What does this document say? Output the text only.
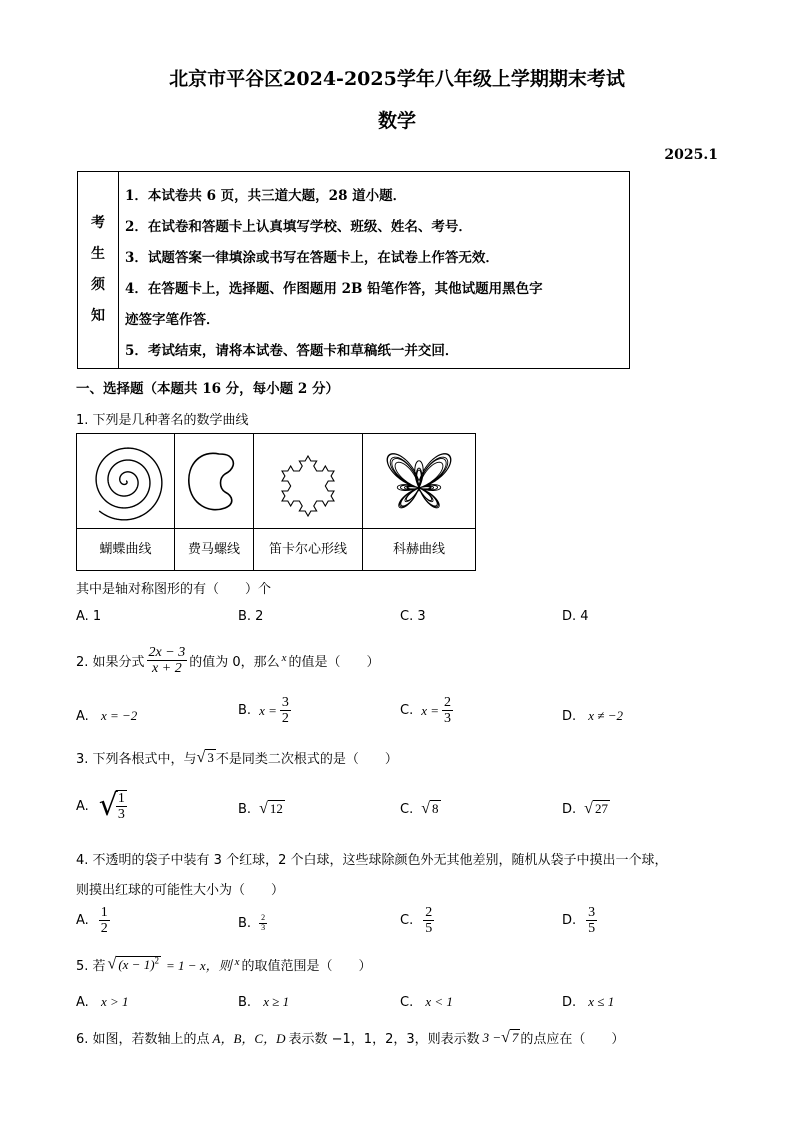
北京市平谷区2024-2025学年八年级上学期期末考试
数学
2025.1
考
生
须
知

1．本试卷共 6 页，共三道大题，28 道小题．
2．在试卷和答题卡上认真填写学校、班级、姓名、考号．
3．试题答案一律填涂或书写在答题卡上，在试卷上作答无效．
4．在答题卡上，选择题、作图题用 2B 铅笔作答，其他试题用黑色字
迹签字笔作答．
5．考试结束，请将本试卷、答题卡和草稿纸一并交回．
一、选择题（本题共 16 分，每小题 2 分）
1. 下列是几种著名的数学曲线
蝴蝶曲线	费马螺线	笛卡尔心形线	科赫曲线
其中是轴对称图形的有（　　）个
A. 1	B. 2	C. 3	D. 4
2. 如果分式 $\frac{2x - 3}{x + 2}$ 的值为 0，那么 x 的值是（　　）
A. x = −2	B. $x = \frac{3}{2}$	C. $x = \frac{2}{3}$	D. x ≠ −2
3. 下列各根式中，与 √ 3 不是同类二次根式的是（　　）
A. √
$\frac{1}{3}$	B. √ 12	C. √ 8	D. √ 27
4. 不透明的袋子中装有 3 个红球，2 个白球，这些球除颜色外无其他差别，随机从袋子中摸出一个球，
则摸出红球的可能性大小为（　　）
A. $\frac{1}{2}$	B. $\frac{2}{3}$	C. $\frac{2}{5}$	D. $\frac{3}{5}$
5. 若 √ $(x - 1)^2 = 1 - x$，则 x 的取值范围是（　　）
A. x > 1	B. x ≥ 1	C. x < 1	D. x ≤ 1
6. 如图，若数轴上的点 A，B，C，D 表示数 −1，1，2，3，则表示数 3 − √ 7 的点应在（　　）
